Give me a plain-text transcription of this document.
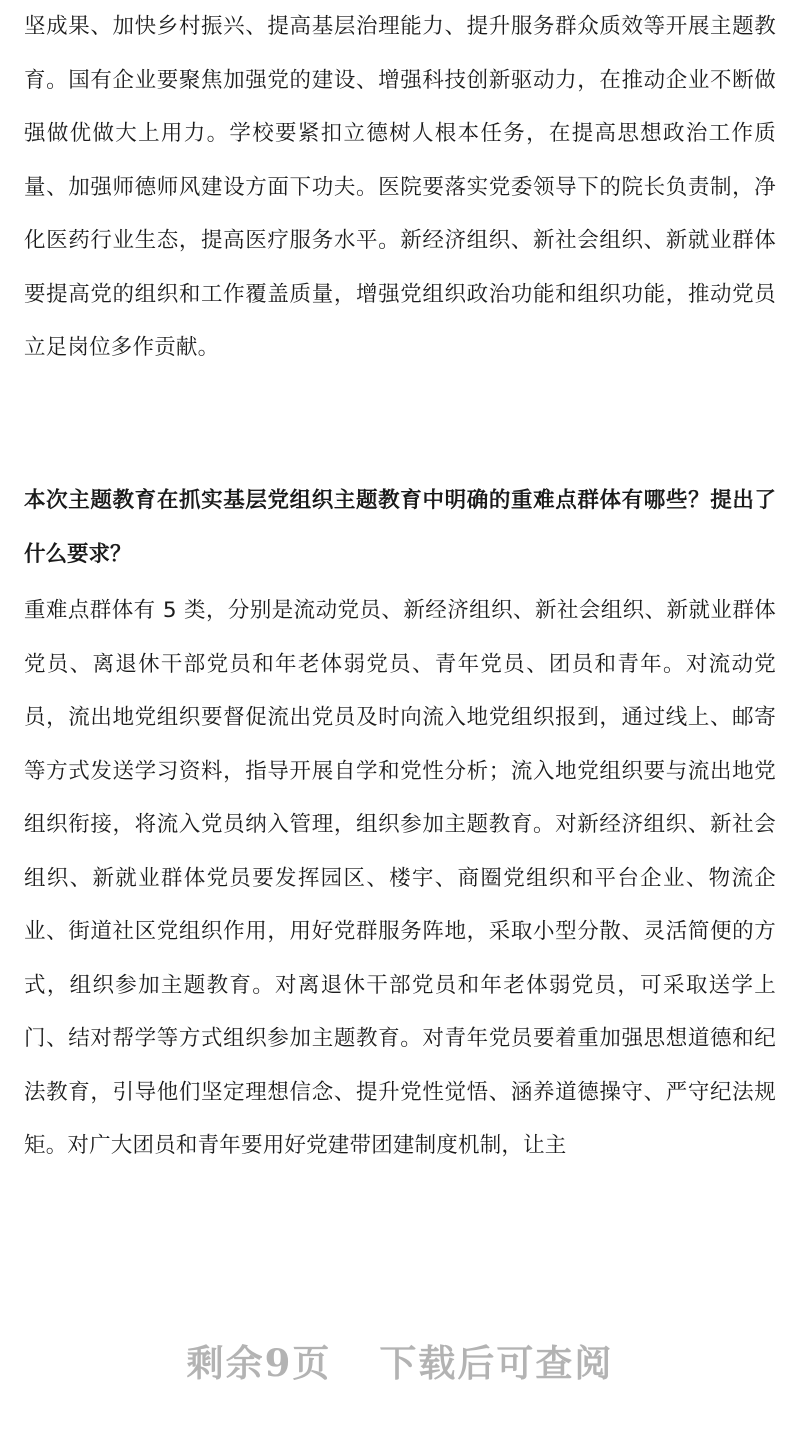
坚成果、加快乡村振兴、提高基层治理能力、提升服务群众质效等开展主题教育。国有企业要聚焦加强党的建设、增强科技创新驱动力，在推动企业不断做强做优做大上用力。学校要紧扣立德树人根本任务，在提高思想政治工作质量、加强师德师风建设方面下功夫。医院要落实党委领导下的院长负责制，净化医药行业生态，提高医疗服务水平。新经济组织、新社会组织、新就业群体要提高党的组织和工作覆盖质量，增强党组织政治功能和组织功能，推动党员立足岗位多作贡献。

本次主题教育在抓实基层党组织主题教育中明确的重难点群体有哪些？提出了什么要求？

重难点群体有 5 类，分别是流动党员、新经济组织、新社会组织、新就业群体党员、离退休干部党员和年老体弱党员、青年党员、团员和青年。对流动党员，流出地党组织要督促流出党员及时向流入地党组织报到，通过线上、邮寄等方式发送学习资料，指导开展自学和党性分析；流入地党组织要与流出地党组织衔接，将流入党员纳入管理，组织参加主题教育。对新经济组织、新社会组织、新就业群体党员要发挥园区、楼宇、商圈党组织和平台企业、物流企业、街道社区党组织作用，用好党群服务阵地，采取小型分散、灵活简便的方式，组织参加主题教育。对离退休干部党员和年老体弱党员，可采取送学上门、结对帮学等方式组织参加主题教育。对青年党员要着重加强思想道德和纪法教育，引导他们坚定理想信念、提升党性觉悟、涵养道德操守、严守纪法规矩。对广大团员和青年要用好党建带团建制度机制，让主

剩余9页 下载后可查阅
